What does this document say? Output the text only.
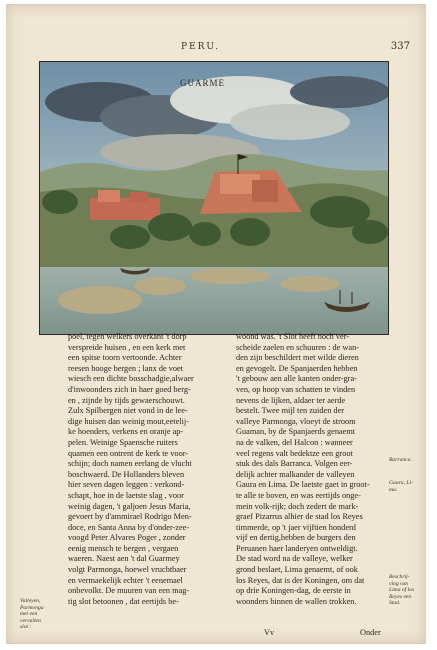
PERU.	337
GUARME
poel, tegen welkers overkant 't dorp
verspreide huisen , en een kerk met
een spitse toorn vertoonde. Achter
reesen hooge bergen ; lanx de voet
wiesch een dichte bosschadgie,alwaer
d'inwoonders zich in haer goed berg-
en , zijnde by tijds gewaerschouwt.
Zulx Spilbergen niet vond in de lee-
dige huisen dan weinig mout,eetelij-
ke hoenders, verkens en oranje ap-
pelen. Weinige Spaensche ruiters
quamen een ontrent de kerk te voor-
schijn; doch namen eerlang de vlucht
boschwaerd. De Hollanders bleven
hier seven dagen leggen : verkond-
schapt, hoe in de laetste slag , voor
weinig dagen, 't galjoen Jesus Maria,
gevoert by d'ammirael Rodrigo Men-
doce, en Santa Anna by d'onder-zee-
voogd Peter Alvares Poger , zonder
eenig mensch te bergen , vergaen
waeren. Naest aen 't dal Guarmey
volgt Parmonga, hoewel vruchtbaer
en vermaekelijk echter 't eenemael
onbevolkt. De muuren van een mag-
tig slot betoonen , dat eertijds be-
woond was. 't Slot heeft noch ver-
scheide zaelen en schuuren : de wan-
den zijn beschildert met wilde dieren
en gevogelt. De Spanjaerden hebben
't gebouw aen alle kanten onder-gra-
ven, op hoop van schatten te vinden
nevens de lijken, aldaer ter aerde
bestelt. Twee mijl ten zuiden der
valleye Parmonga, vloeyt de stroom
Guaman, by de Spanjaerds genaemt
na de valken, del Halcon : wanneer
veel regens valt bedektze een groot
stuk des dals Barranca. Volgen eer-
delijk achter malkander de valleyen
Gaura en Lima. De laetste gaet in groot-
te alle te boven, en was eertijds onge-
mein volk-rijk; doch zedert de mark-
graef Pizarrus alhier de stad los Reyes
timmerde, op 't jaer vijftien honderd
vijf en dertig,hebben de burgers den
Peruanen haer landeryen ontweldigt.
De stad word na de valleye, welker
grond beslaet, Lima genaemt, of ook
los Reyes, dat is der Koningen, om dat
op drie Koningen-dag, de eerste in
woonders binnen de wallen trokken.
Valleyen,
Parmonga
met een
vervallen
slot :
Barranca.
Gaura, Li-
ma.
Beschrij-
ving van
Lima of los
Reyes een
Stad.
Vv	Onder
